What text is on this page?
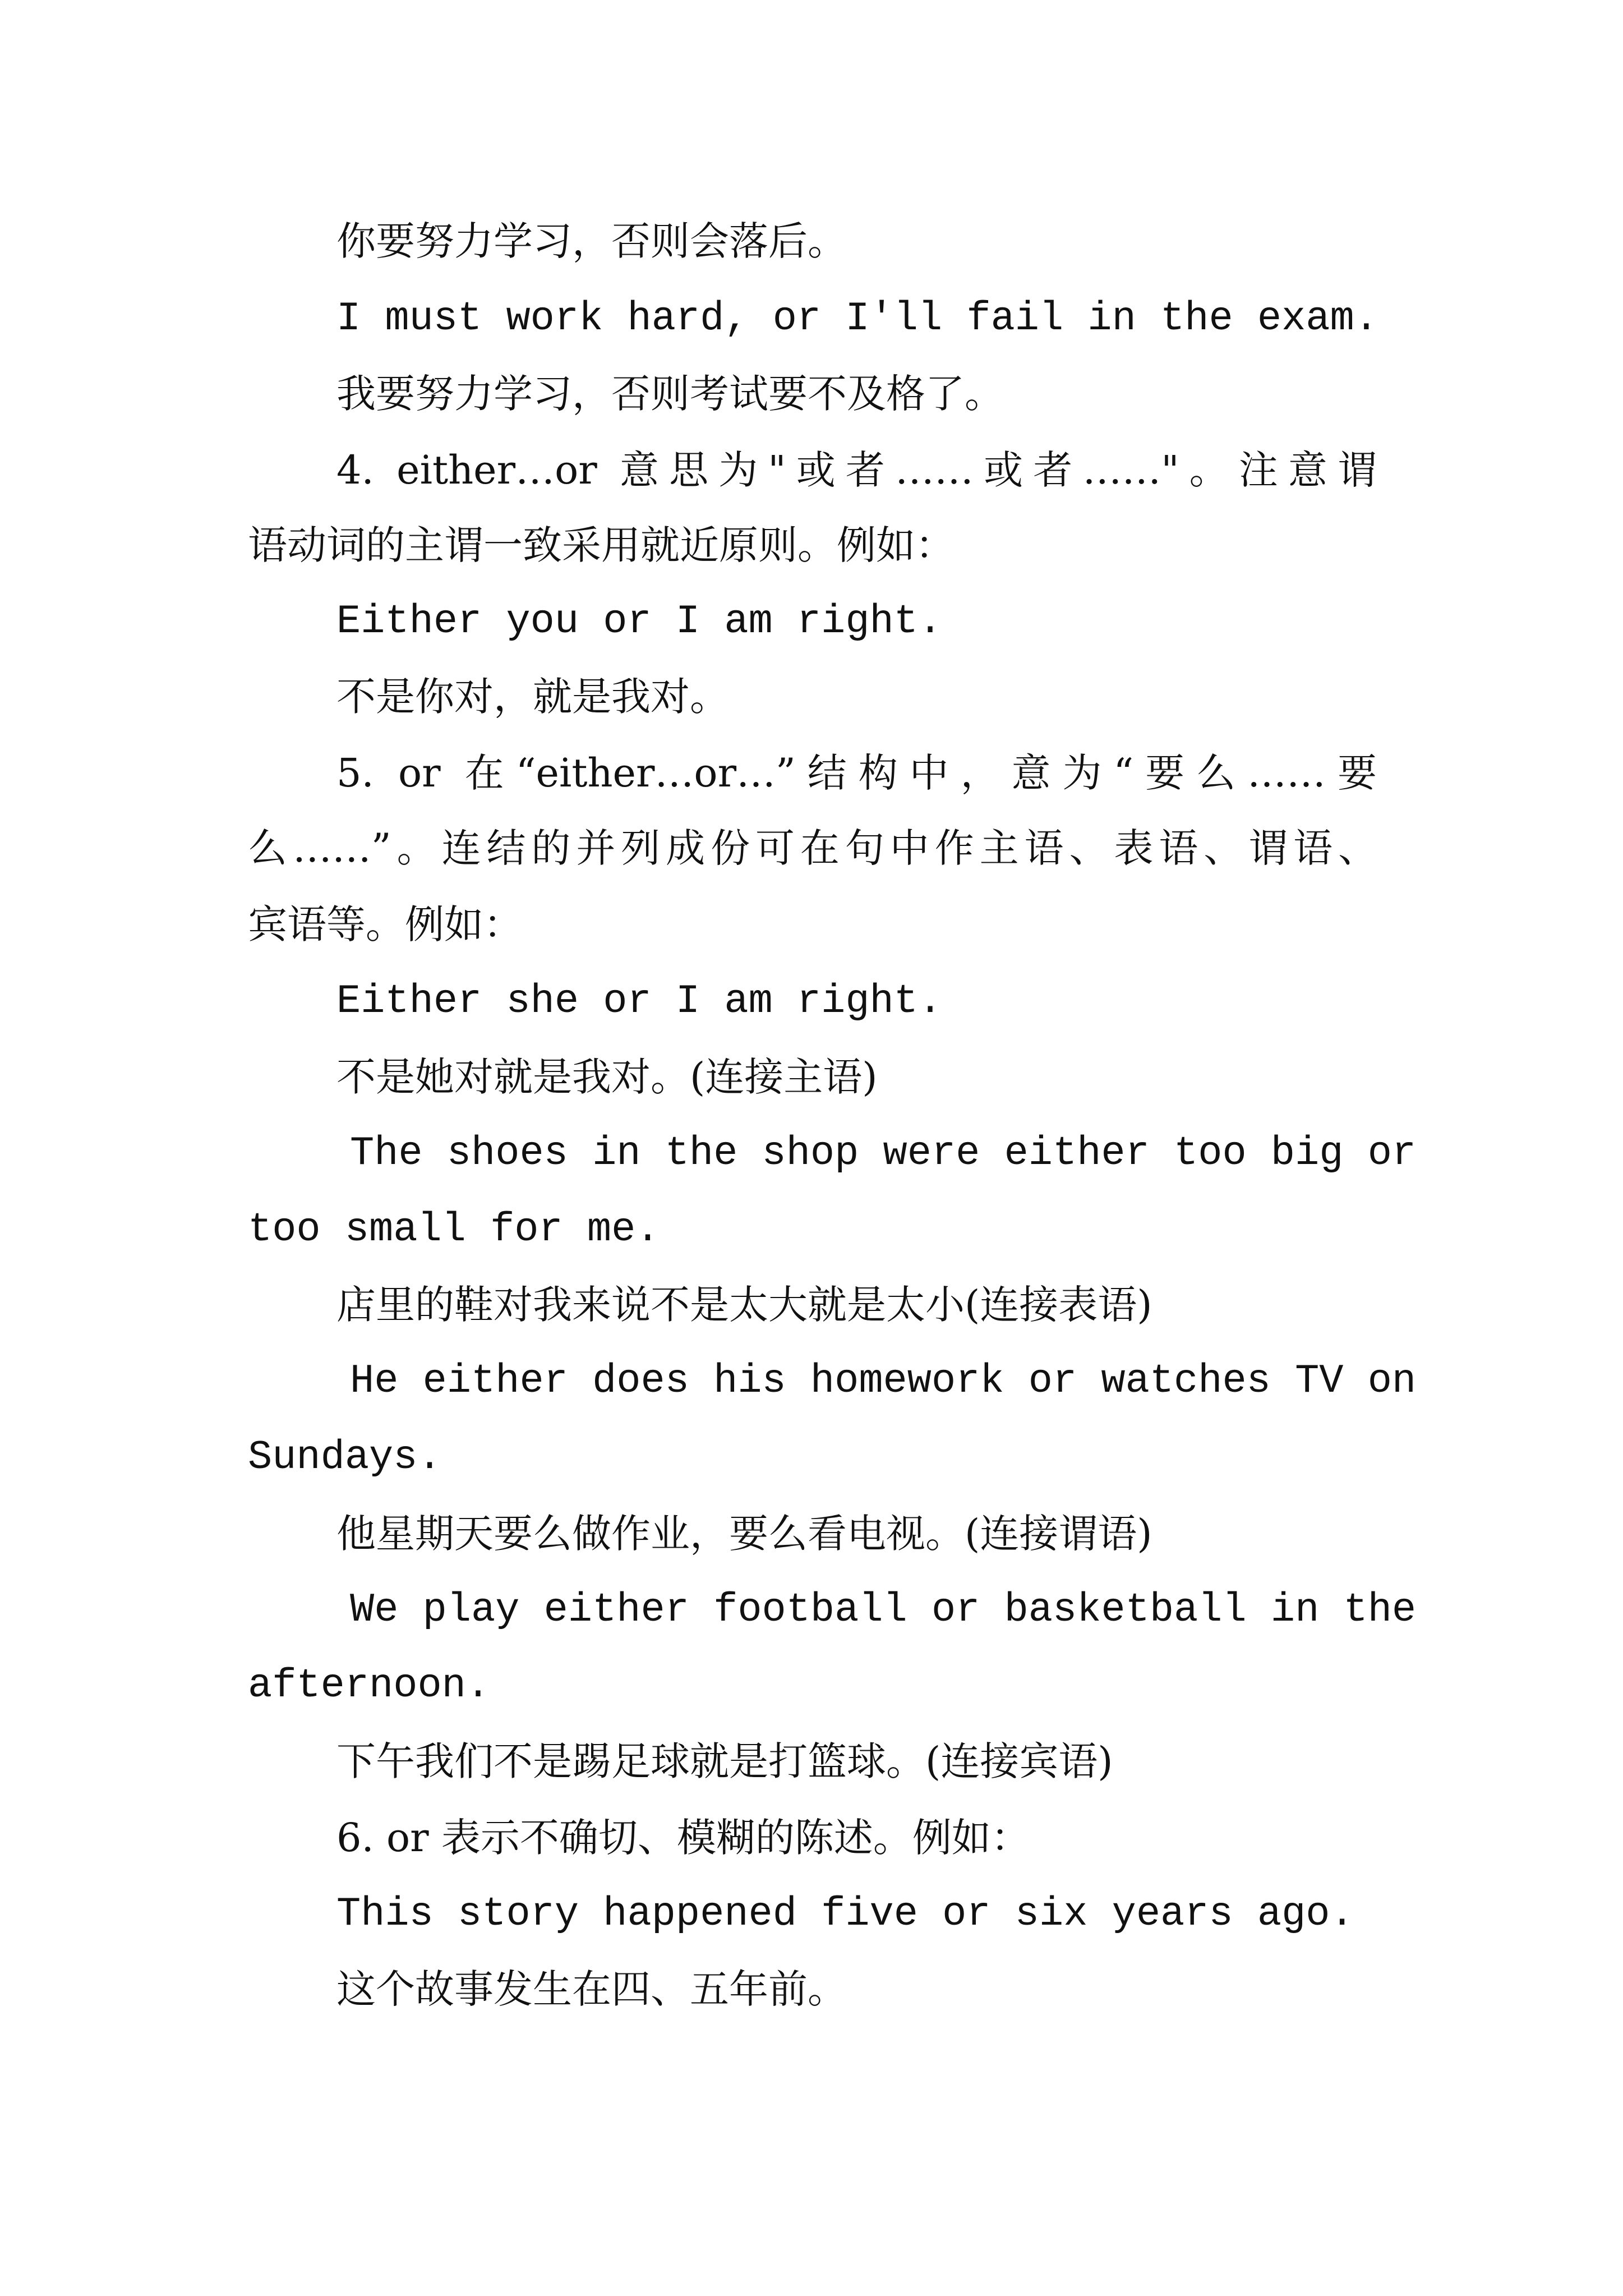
你要努力学习，否则会落后。
I must work hard, or I'll fail in the exam.
我要努力学习，否则考试要不及格了。
4. either…or 意思为"或者……或者……"。注意谓
语动词的主谓一致采用就近原则。例如：
Either you or I am right.
不是你对，就是我对。
5. or 在“either…or…”结构中，意为“要么……要
么……”。连结的并列成份可在句中作主语、表语、谓语、
宾语等。例如：
Either she or I am right.
不是她对就是我对。(连接主语)
The shoes in the shop were either too big or
too small for me.
店里的鞋对我来说不是太大就是太小(连接表语)
He either does his homework or watches TV on
Sundays.
他星期天要么做作业，要么看电视。(连接谓语)
We play either football or basketball in the
afternoon.
下午我们不是踢足球就是打篮球。(连接宾语)
6. or 表示不确切、模糊的陈述。例如：
This story happened five or six years ago.
这个故事发生在四、五年前。
